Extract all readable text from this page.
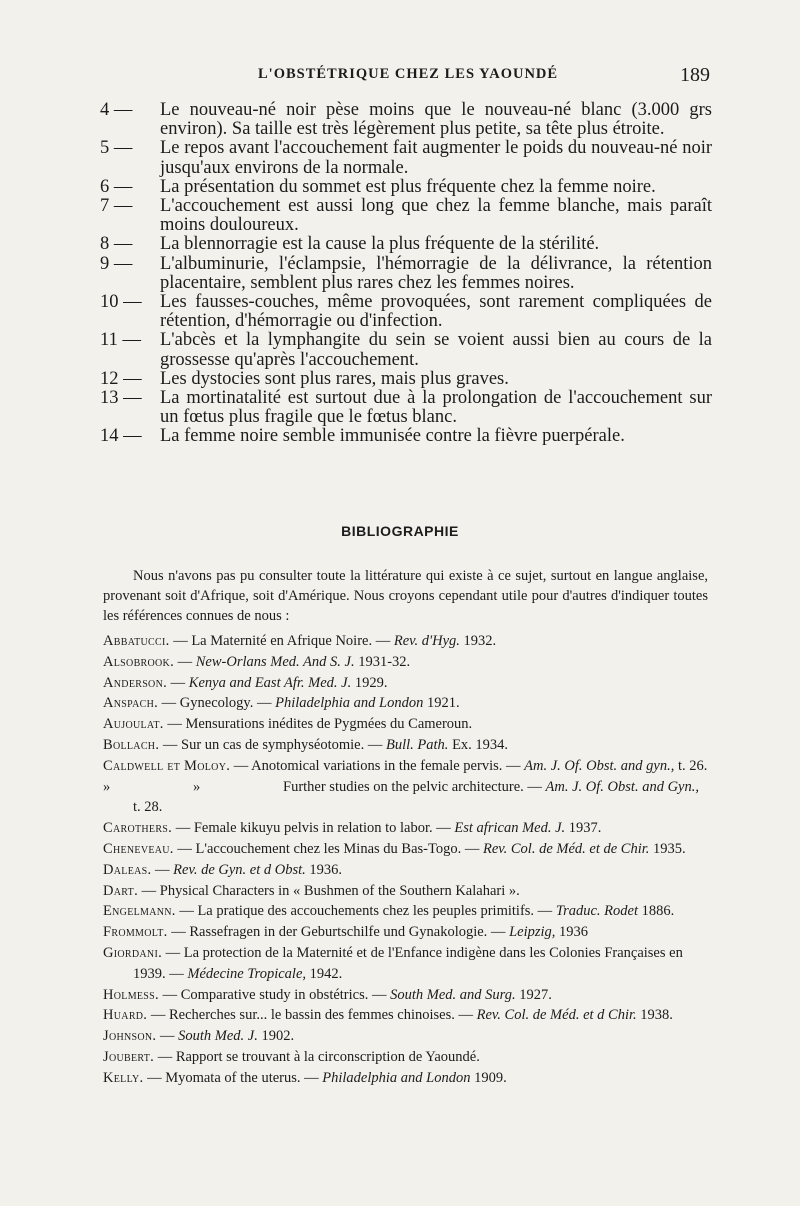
L'OBSTÉTRIQUE CHEZ LES YAOUNDÉ	189
4 —	Le nouveau-né noir pèse moins que le nouveau-né blanc (3.000 grs environ). Sa taille est très légèrement plus petite, sa tête plus étroite.
5 —	Le repos avant l'accouchement fait augmenter le poids du nouveau-né noir jusqu'aux environs de la normale.
6 —	La présentation du sommet est plus fréquente chez la femme noire.
7 —	L'accouchement est aussi long que chez la femme blanche, mais paraît moins douloureux.
8 —	La blennorragie est la cause la plus fréquente de la stérilité.
9 —	L'albuminurie, l'éclampsie, l'hémorragie de la délivrance, la rétention placentaire, semblent plus rares chez les femmes noires.
10 — Les fausses-couches, même provoquées, sont rarement compliquées de rétention, d'hémorragie ou d'infection.
11 —	L'abcès et la lymphangite du sein se voient aussi bien au cours de la grossesse qu'après l'accouchement.
12 — Les dystocies sont plus rares, mais plus graves.
13 — La mortinatalité est surtout due à la prolongation de l'accouchement sur un fœtus plus fragile que le fœtus blanc.
14 — La femme noire semble immunisée contre la fièvre puerpérale.
BIBLIOGRAPHIE

Nous n'avons pas pu consulter toute la littérature qui existe à ce sujet, surtout en langue anglaise, provenant soit d'Afrique, soit d'Amérique. Nous croyons cependant utile pour d'autres d'indiquer toutes les références connues de nous :

Abbatucci. — La Maternité en Afrique Noire. — Rev. d'Hyg. 1932.
Alsobrook. — New-Orlans Med. And S. J. 1931-32.
Anderson. — Kenya and East Afr. Med. J. 1929.
Anspach. — Gynecology. — Philadelphia and London 1921.
Aujoulat. — Mensurations inédites de Pygmées du Cameroun.
Bollach. — Sur un cas de symphyséotomie. — Bull. Path. Ex. 1934.
Caldwell et Moloy. — Anotomical variations in the female pervis. — Am. J. Of. Obst. and gyn., t. 26.
»	»	Further studies on the pelvic architecture. — Am. J. Of. Obst. and Gyn., t. 28.
Carothers. — Female kikuyu pelvis in relation to labor. — Est african Med. J. 1937.
Cheneveau. — L'accouchement chez les Minas du Bas-Togo. — Rev. Col. de Méd. et de Chir. 1935.
Daleas. — Rev. de Gyn. et d Obst. 1936.
Dart. — Physical Characters in « Bushmen of the Southern Kalahari ».
Engelmann. — La pratique des accouchements chez les peuples primitifs. — Traduc. Rodet 1886.
Frommolt. — Rassefragen in der Geburtschilfe und Gynakologie. — Leipzig, 1936
Giordani. — La protection de la Maternité et de l'Enfance indigène dans les Colonies Françaises en 1939. — Médecine Tropicale, 1942.
Holmess. — Comparative study in obstétrics. — South Med. and Surg. 1927.
Huard. — Recherches sur... le bassin des femmes chinoises. — Rev. Col. de Méd. et d Chir. 1938.
Johnson. — South Med. J. 1902.
Joubert. — Rapport se trouvant à la circonscription de Yaoundé.
Kelly. — Myomata of the uterus. — Philadelphia and London 1909.
